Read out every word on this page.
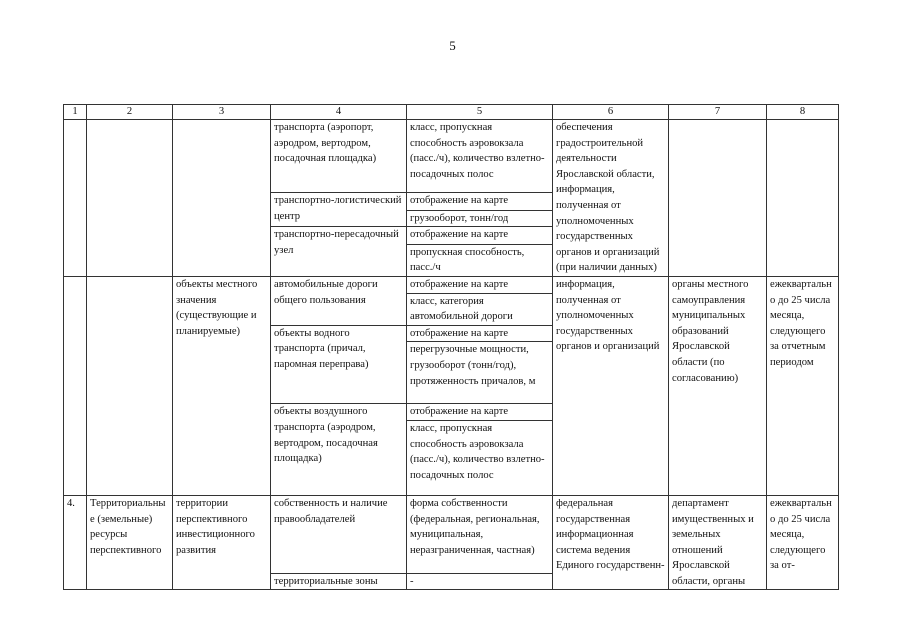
5
1	2	3	4	5	6	7	8
			транспорта (аэропорт, аэродром, вертодром, посадочная площадка)	класс, пропускная способность аэровокзала (пасс./ч), количество взлетно-посадочных полос	обеспечения градостроительной деятельности Ярославской области, информация, полученная от уполномоченных государственных органов и организаций (при наличии данных)		
			транспортно-логистический центр	отображение на карте			
				грузооборот, тонн/год			
			транспортно-пересадочный узел	отображение на карте			
				пропускная способность, пасс./ч			
		объекты местного значения (существующие и планируемые)	автомобильные дороги общего пользования	отображение на карте	информация, полученная от уполномоченных государственных органов и организаций	органы местного самоуправления муниципальных образований Ярославской области (по согласованию)	ежеквартально до 25 числа месяца, следующего за отчетным периодом
				класс, категория автомобильной дороги			
			объекты водного транспорта (причал, паромная переправа)	отображение на карте			
				перегрузочные мощности, грузооборот (тонн/год), протяженность причалов, м			
			объекты воздушного транспорта (аэродром, вертодром, посадочная площадка)	отображение на карте			
				класс, пропускная способность аэровокзала (пасс./ч), количество взлетно-посадочных полос			
4.	Территориальные (земельные) ресурсы перспективного	территории перспективного инвестиционного развития	собственность и наличие правообладателей	форма собственности (федеральная, региональная, муниципальная, неразграниченная, частная)	федеральная государственная информационная система ведения Единого государственн-	департамент имущественных и земельных отношений Ярославской области, органы	ежеквартально до 25 числа месяца, следующего за от-
			территориальные зоны	-			
